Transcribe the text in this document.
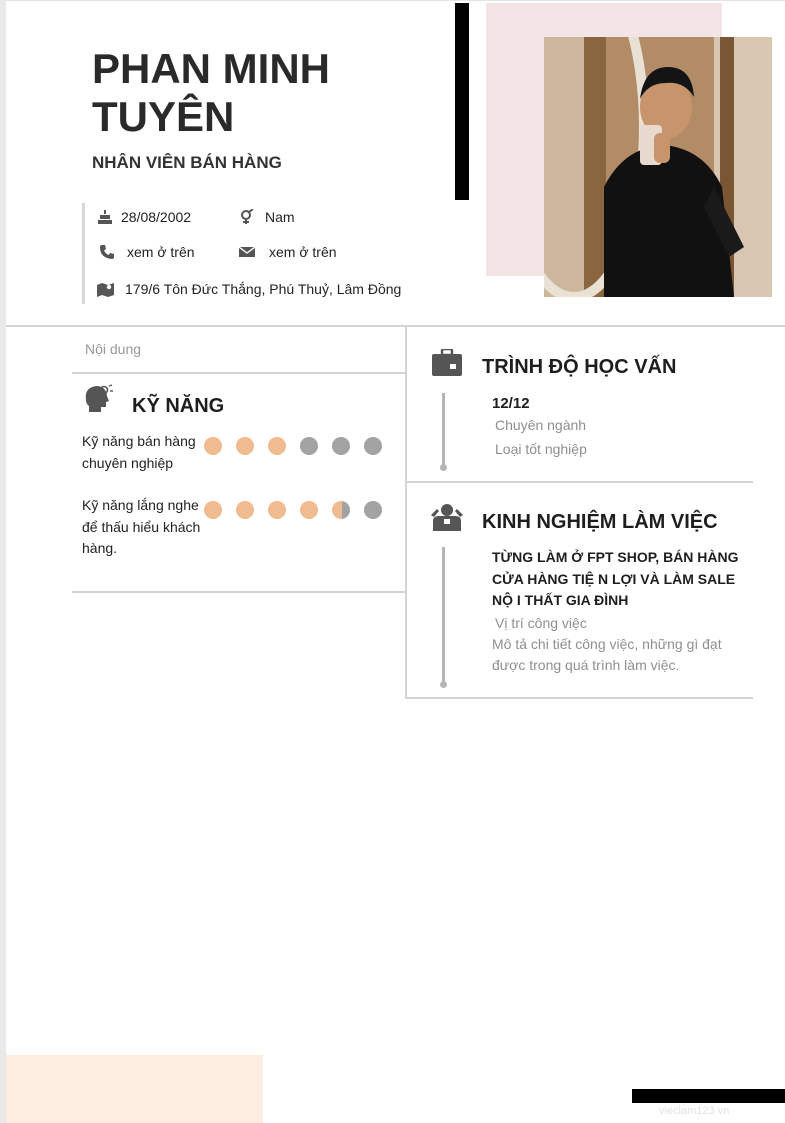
PHAN MINH TUYÊN
NHÂN VIÊN BÁN HÀNG
28/08/2002	Nam
xem ở trên	xem ở trên
179/6 Tôn Đức Thắng, Phú Thuỷ, Lâm Đồng
Nội dung
KỸ NĂNG
Kỹ năng bán hàng chuyên nghiệp
Kỹ năng lắng nghe để thấu hiểu khách hàng.
TRÌNH ĐỘ HỌC VẤN
12/12
Chuyên ngành
Loại tốt nghiệp
KINH NGHIỆM LÀM VIỆC
TỪNG LÀM Ở FPT SHOP, BÁN HÀNG CỬA HÀNG TIỆ N LỢI VÀ LÀM SALE NỘ I THẤT GIA ĐÌNH
Vị trí công việc
Mô tả chi tiết công việc, những gì đạt được trong quá trình làm việc.
vieclam123.vn
